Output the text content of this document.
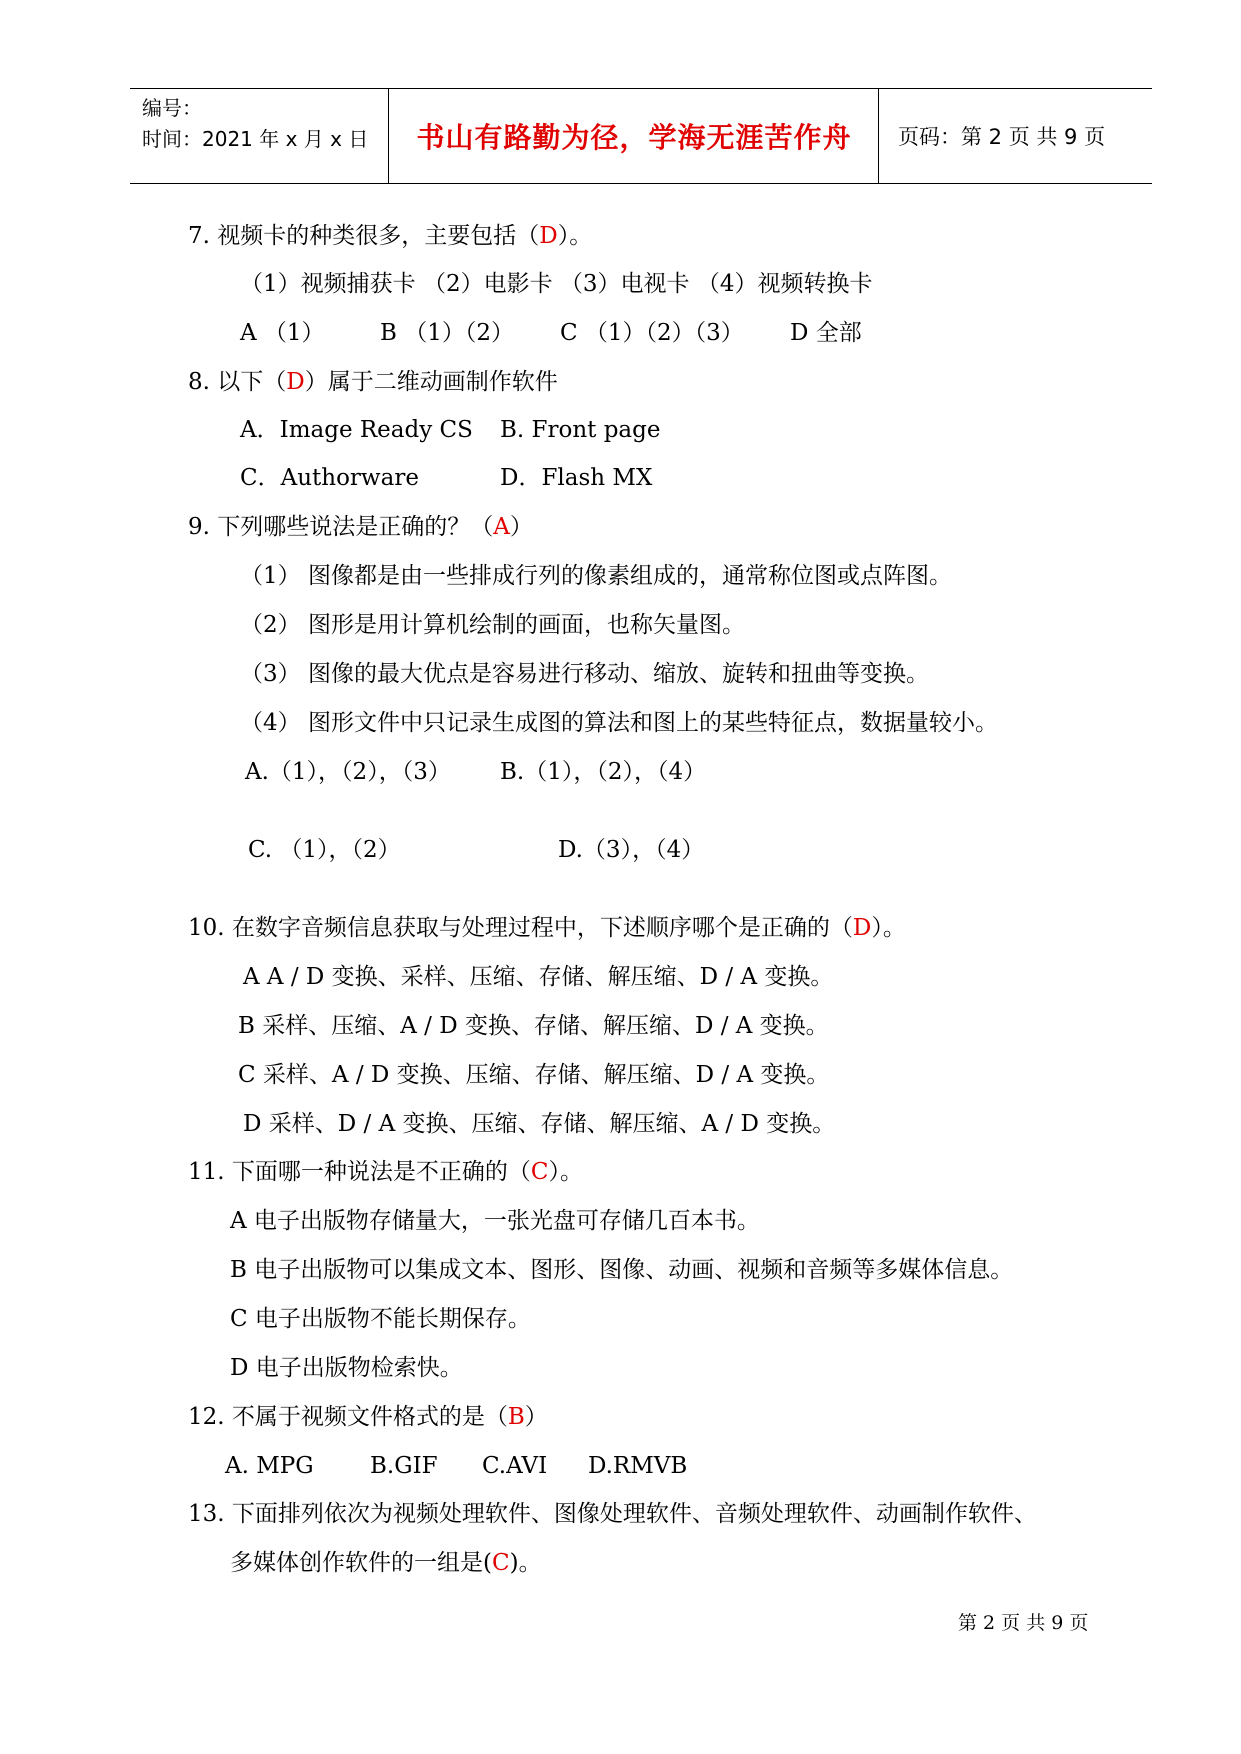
编号：
时间：2021 年 x 月 x 日	书山有路勤为径，学海无涯苦作舟	页码：第 2 页 共 9 页
7. 视频卡的种类很多，主要包括（D）。
（1）视频捕获卡 （2）电影卡 （3）电视卡 （4）视频转换卡
A （1） B （1）（2） C （1）（2）（3） D 全部
8. 以下（D）属于二维动画制作软件
A．Image Ready CS B. Front page
C．Authorware	D．Flash MX
9. 下列哪些说法是正确的？（A）
（1） 图像都是由一些排成行列的像素组成的，通常称位图或点阵图。
（2） 图形是用计算机绘制的画面，也称矢量图。
（3） 图像的最大优点是容易进行移动、缩放、旋转和扭曲等变换。
（4） 图形文件中只记录生成图的算法和图上的某些特征点，数据量较小。
A.（1），（2），（3） B.（1），（2），（4）
C. （1），（2）	D.（3），（4）
10. 在数字音频信息获取与处理过程中，下述顺序哪个是正确的（D）。
A A / D 变换、采样、压缩、存储、解压缩、D / A 变换。
B 采样、压缩、A / D 变换、存储、解压缩、D / A 变换。
C 采样、A / D 变换、压缩、存储、解压缩、D / A 变换。
D 采样、D / A 变换、压缩、存储、解压缩、A / D 变换。
11. 下面哪一种说法是不正确的（C）。
A 电子出版物存储量大，一张光盘可存储几百本书。
B 电子出版物可以集成文本、图形、图像、动画、视频和音频等多媒体信息。
C 电子出版物不能长期保存。
D 电子出版物检索快。
12. 不属于视频文件格式的是（B）
A. MPG B.GIF C.AVI D.RMVB
13. 下面排列依次为视频处理软件、图像处理软件、音频处理软件、动画制作软件、
多媒体创作软件的一组是(C)。
第 2 页 共 9 页
